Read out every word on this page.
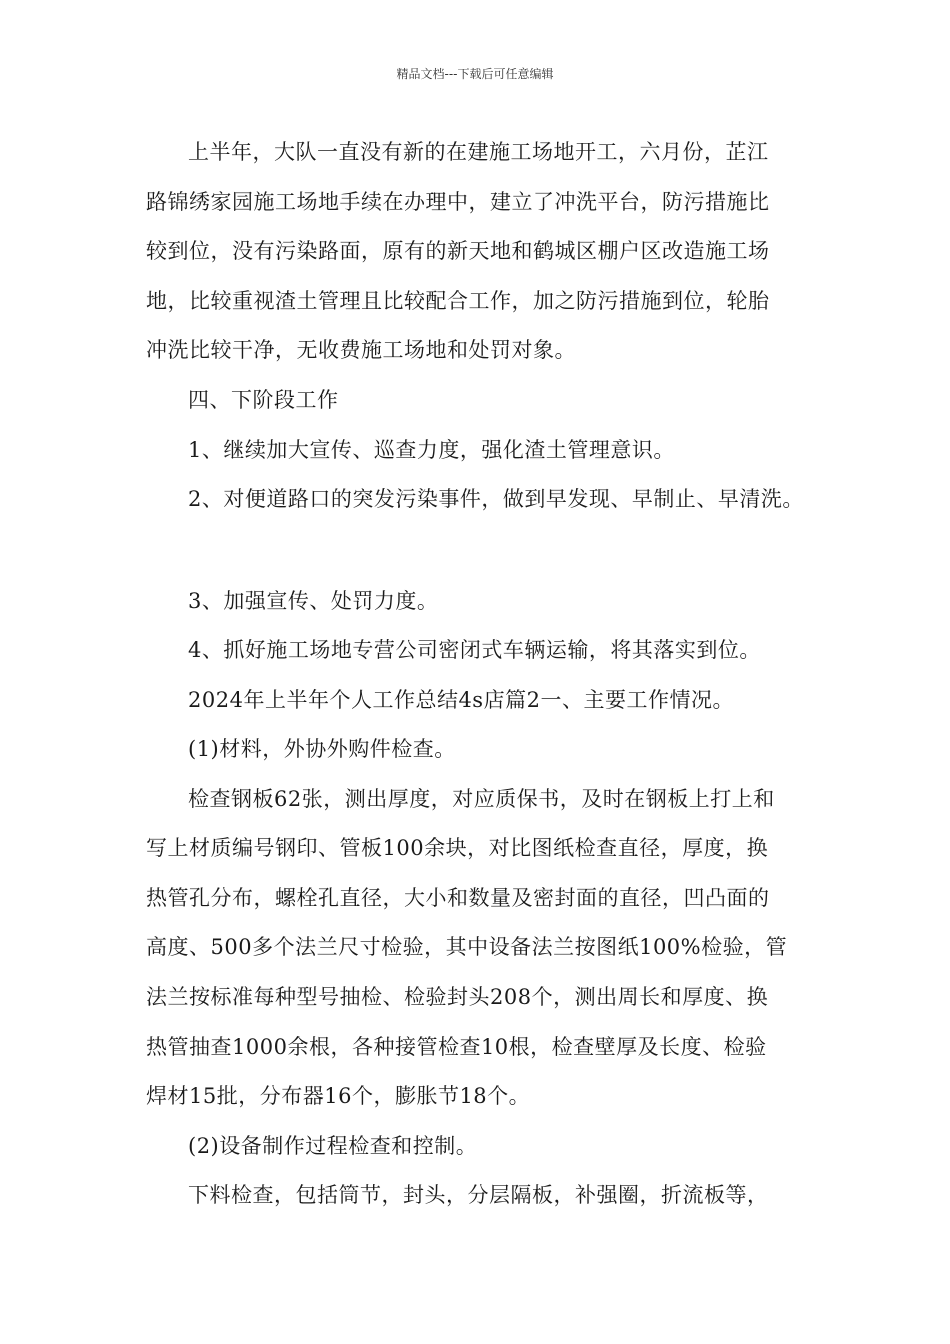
精品文档---下载后可任意编辑
上半年，大队一直没有新的在建施工场地开工，六月份，芷江
路锦绣家园施工场地手续在办理中，建立了冲洗平台，防污措施比
较到位，没有污染路面，原有的新天地和鹤城区棚户区改造施工场
地，比较重视渣土管理且比较配合工作，加之防污措施到位，轮胎
冲洗比较干净，无收费施工场地和处罚对象。
四、下阶段工作
1、继续加大宣传、巡查力度，强化渣土管理意识。
2、对便道路口的突发污染事件，做到早发现、早制止、早清洗。
3、加强宣传、处罚力度。
4、抓好施工场地专营公司密闭式车辆运输，将其落实到位。
2024年上半年个人工作总结4s店篇2一、主要工作情况。
(1)材料，外协外购件检查。
检查钢板62张，测出厚度，对应质保书，及时在钢板上打上和
写上材质编号钢印、管板100余块，对比图纸检查直径，厚度，换
热管孔分布，螺栓孔直径，大小和数量及密封面的直径，凹凸面的
高度、500多个法兰尺寸检验，其中设备法兰按图纸100%检验，管
法兰按标准每种型号抽检、检验封头208个，测出周长和厚度、换
热管抽查1000余根，各种接管检查10根，检查壁厚及长度、检验
焊材15批，分布器16个，膨胀节18个。
(2)设备制作过程检查和控制。
下料检查，包括筒节，封头，分层隔板，补强圈，折流板等，
